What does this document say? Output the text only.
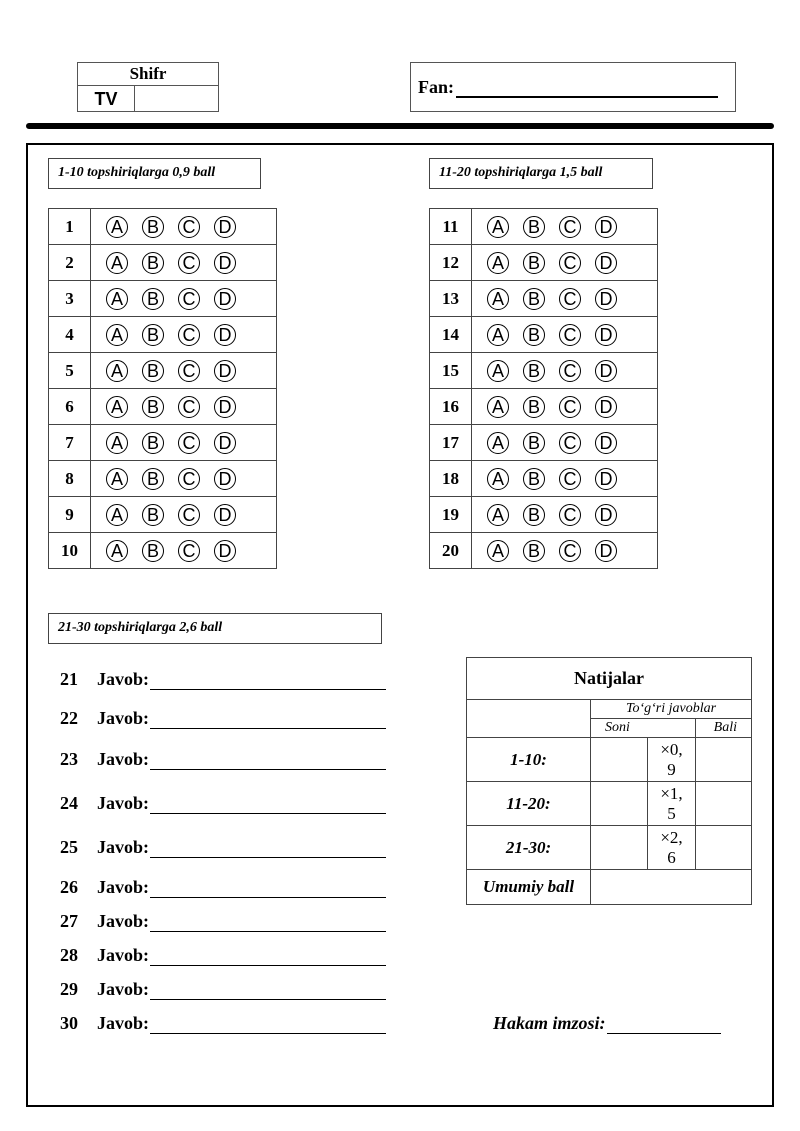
Shifr
TV
Fan:
1-10 topshiriqlarga 0,9 ball	11-20 topshiriqlarga 1,5 ball
21-30 topshiriqlarga 2,6 ball
1	A B C D
2	A B C D
3	A B C D
4	A B C D
5	A B C D
6	A B C D
7	A B C D
8	A B C D
9	A B C D
10	A B C D
11	A B C D
12	A B C D
13	A B C D
14	A B C D
15	A B C D
16	A B C D
17	A B C D
18	A B C D
19	A B C D
20	A B C D
21 Javob:
22 Javob:
23 Javob:
24 Javob:
25 Javob:
26 Javob:
27 Javob:
28 Javob:
29 Javob:
30 Javob:
Natijalar			
	To‘g‘ri javoblar		
	Soni		Bali
1-10:		×0,
9	

11-20:		×1,
5	

21-30:		×2,
6	

Umumiy ball			
Hakam imzosi:
